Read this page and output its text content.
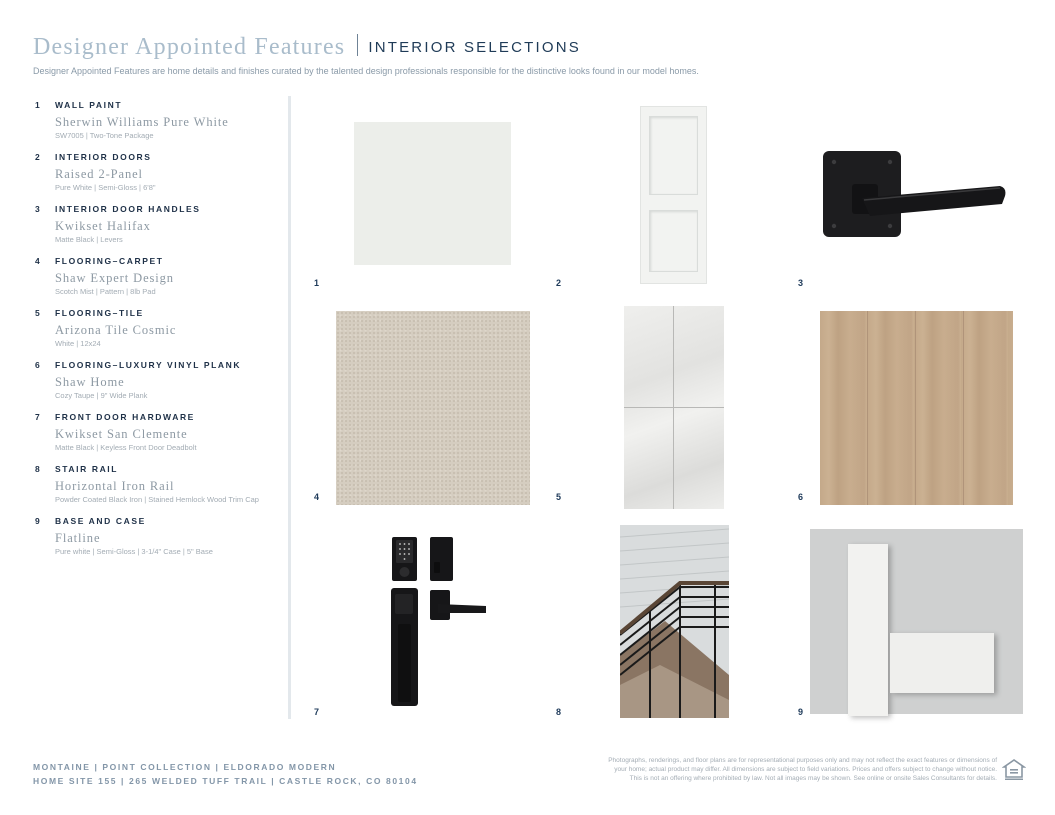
Designer Appointed Features INTERIOR SELECTIONS
Designer Appointed Features are home details and finishes curated by the talented design professionals responsible for the distinctive looks found in our model homes.
1	WALL PAINT
Sherwin Williams Pure White
SW7005 | Two-Tone Package
2	INTERIOR DOORS
Raised 2-Panel
Pure White | Semi-Gloss | 6'8"
3	INTERIOR DOOR HANDLES
Kwikset Halifax
Matte Black | Levers
4	FLOORING–CARPET
Shaw Expert Design
Scotch Mist | Pattern | 8lb Pad
5	FLOORING–TILE
Arizona Tile Cosmic
White | 12x24
6	FLOORING–LUXURY VINYL PLANK
Shaw Home
Cozy Taupe | 9" Wide Plank
7	FRONT DOOR HARDWARE
Kwikset San Clemente
Matte Black | Keyless Front Door Deadbolt
8	STAIR RAIL
Horizontal Iron Rail
Powder Coated Black Iron | Stained Hemlock Wood Trim Cap
9	BASE AND CASE
Flatline
Pure white | Semi-Gloss | 3-1/4" Case | 5" Base
1	2	3
4	5	6
7	8	9
MONTAINE | POINT COLLECTION | ELDORADO MODERN
HOME SITE 155 | 265 WELDED TUFF TRAIL | CASTLE ROCK, CO 80104
Photographs, renderings, and floor plans are for representational purposes only and may not reflect the exact features or dimensions of
your home; actual product may differ. All dimensions are subject to field variations. Prices and offers subject to change without notice.
This is not an offering where prohibited by law. Not all images may be shown. See online or onsite Sales Consultants for details.
